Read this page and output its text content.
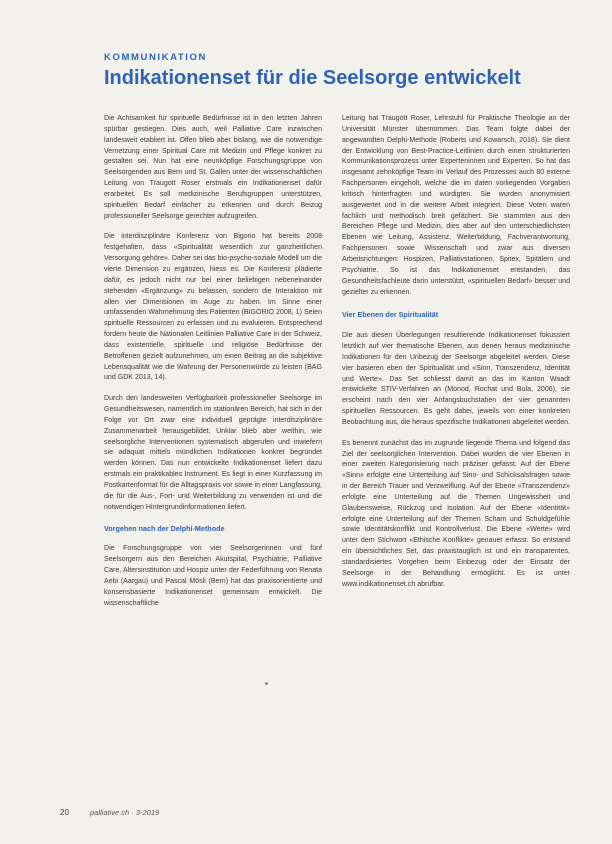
KOMMUNIKATION
Indikationenset für die Seelsorge entwickelt

Die Achtsamkeit für spirituelle Bedürfnisse ist in den letzten Jahren spürbar gestiegen. Dies auch, weil Palliative Care inzwischen landesweit etabliert ist. Offen blieb aber bislang, wie die notwendige Vernetzung einer Spiritual Care mit Medizin und Pflege konkret zu gestalten sei. Nun hat eine neunköpfige Forschungsgruppe von Seelsorgenden aus Bern und St. Gallen unter der wissenschaftlichen Leitung von Traugott Roser erstmals ein Indikationenset dafür erarbeitet. Es soll medizinische Berufsgruppen unterstützen, spirituellen Bedarf einfacher zu erkennen und durch Beizug professioneller Seelsorge gerechter aufzugreifen.

Die interdisziplinäre Konferenz von Bigorio hat bereits 2008 festgehalten, dass «Spiritualität wesentlich zur ganzheitlichen Versorgung gehöre». Daher sei das bio-psycho-soziale Modell um die vierte Dimension zu ergänzen, hiess es. Die Konferenz plädierte dafür, es jedoch nicht nur bei einer beliebigen nebeneinander stehenden «Ergänzung» zu belassen, sondern die Interaktion mit allen vier Dimensionen im Auge zu haben. Im Sinne einer umfassenden Wahrnehmung des Patienten (BIGORIO 2008, 1) Seien spirituelle Ressourcen zu erfassen und zu evaluieren. Entsprechend fordern heute die Nationalen Leitlinien Palliative Care in der Schweiz, dass existentielle, spirituelle und religiöse Bedürfnisse der Betroffenen gezielt aufzunehmen, um einen Beitrag an die subjektive Lebensqualität wie die Wahrung der Personenwürde zu leisten (BAG und GDK 2013, 14).

Durch den landesweiten Verfügbarkeit professioneller Seelsorge im Gesundheitswesen, namentlich im stationären Bereich, hat sich in der Folge vor Ort zwar eine individuell geprägte interdisziplinäre Zusammenarbeit herausgebildet. Unklar blieb aber weithin, wie seelsorgliche Interventionen systematisch abgerufen und inwiefern sie adäquat mittels mündlichen Indikationen konkret begründet werden können. Das nun entwickelte Indikationenset liefert dazu erstmals ein praktikables Instrument. Es liegt in einer Kurzfassung im Postkartenformat für die Alltagspraxis vor sowie in einer Langfassung, die für die Aus-, Fort- und Weiterbildung zu verwenden ist und die notwendigen Hintergrundinformationen liefert.

Vorgehen nach der Delphi-Methode

Die Forschungsgruppe von vier Seelsorgerinnen und fünf Seelsorgern aus den Bereichen Akutspital, Psychiatrie, Palliative Care, Altersinstitution und Hospiz unter der Federführung von Renata Aebi (Aargau) und Pascal Mösli (Bern) hat das praxisorientierte und konsensbasierte Indikationenset gemeinsam entwickelt. Die wissenschaftliche

Leitung hat Traugott Roser, Lehrstuhl für Praktische Theologie an der Universität Münster übernommen. Das Team folgte dabei der angewandten Delphi-Methode (Roberts und Kowarsch, 2018). Sie dient der Entwicklung von Best-Practice-Leitlinien durch einen strukturierten Kommunikationsprozess unter Experteninnen und Experten. So hat das insgesamt zehnköpfige Team im Verlauf des Prozesses auch 80 externe Fachpersonen eingeholt, welche die im daten vorliegenden Vorgaben kritisch hinterfragten und würdigten. Sie wurden anonymisiert ausgewertet und in die weitere Arbeit integriert. Diese Voten waren fachlich und methodisch breit gefächert. Sie stammten aus den Bereichen Pflege und Medizin, dies aber auf den unterschiedlichsten Ebenen wie Leitung, Assistenz, Weiterbildung, Fachverantwortung, Fachpersonen sowie Wissenschaft und zwar aus diversen Arbeitsrichtungen: Hospizen, Palliativstationen, Spitex, Spitälern und Psychiatrie. So ist das Indikationenset entstanden, das Gesundheitsfachleute darin unterstützt, «spirituellen Bedarf» besser und gezielter zu erkennen.

Vier Ebenen der Spiritualität

Die aus diesen Überlegungen resultierende Indikationenset fokussiert letztlich auf vier thematische Ebenen, aus denen heraus medizinische Indikationen für den Unbezug der Seelsorge abgeleitet werden. Diese vier basieren eben der Spiritualität und «Sinn, Transzendenz, Identität und Werte». Das Set schliesst damit an das im Kanton Waadt entwickelte STIV-Verfahren an (Monod, Rochat und Bula, 2006), sie erscheint nach den vier Anfangsbuchstaben der vier genannten spirituellen Ressourcen. Es geht dabei, jeweils von einer konkreten Beobachtung aus, die heraus spezifische Indikationen abgeleitet werden.

Es benennt zunächst das im zugrunde liegende Thema und folgend das Ziel der seelsorglichen Intervention. Dabei wurden die vier Ebenen in einer zweiten Kategorisierung noch präziser gefasst. Auf der Ebene «Sinn» erfolgte eine Unterteilung auf Sinn- und Schicksalsfragen sowie in der Bereich Trauer und Verzweiflung. Auf der Ebene «Transzendenz» erfolgte eine Unterteilung auf die Themen Ungewissheit und Glaubensweise, Rückzug und Isolation. Auf der Ebene «Identität» erfolgte eine Unterteilung auf der Themen Scham und Schuldgefühle sowie Identitätskonflikt und Kontrollverlust. Die Ebene «Werte» wird unter dem Stichwort «Ethische Konflikte» genauer erfasst. So entstand ein übersichtliches Set, das praxistauglich ist und ein transparentes, standardisiertes Vorgehen beim Einbezug oder der Einsatz der Seelsorge in der Behandlung ermöglicht. Es ist unter www.indikationenset.ch abrufbar.

20	palliative ch · 3-2019
